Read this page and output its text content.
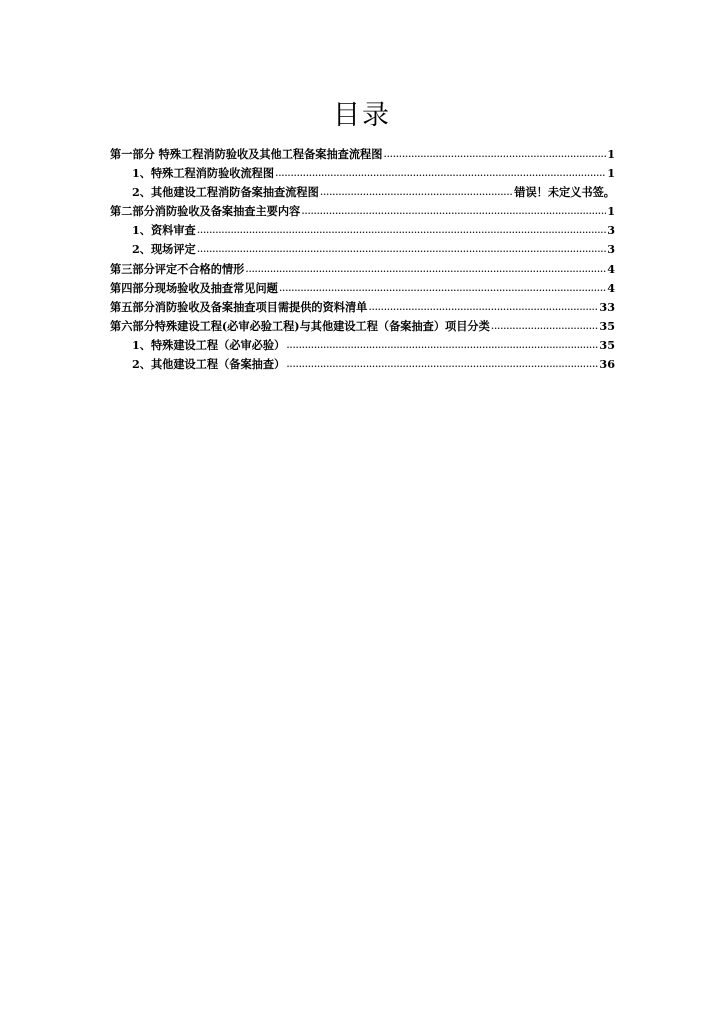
目录
第一部分 特殊工程消防验收及其他工程备案抽查流程图 .....	1
1、特殊工程消防验收流程图 .....	1
2、其他建设工程消防备案抽查流程图 .....	错误！未定义书签。
第二部分消防验收及备案抽查主要内容 .....	1
1、资料审查 .....	3
2、现场评定 .....	3
第三部分评定不合格的情形 .....	4
第四部分现场验收及抽查常见问题 .....	4
第五部分消防验收及备案抽查项目需提供的资料清单 .....	33
第六部分特殊建设工程(必审必验工程)与其他建设工程（备案抽查）项目分类 .....	35
1、特殊建设工程（必审必验） .....	35
2、其他建设工程（备案抽查） .....	36
